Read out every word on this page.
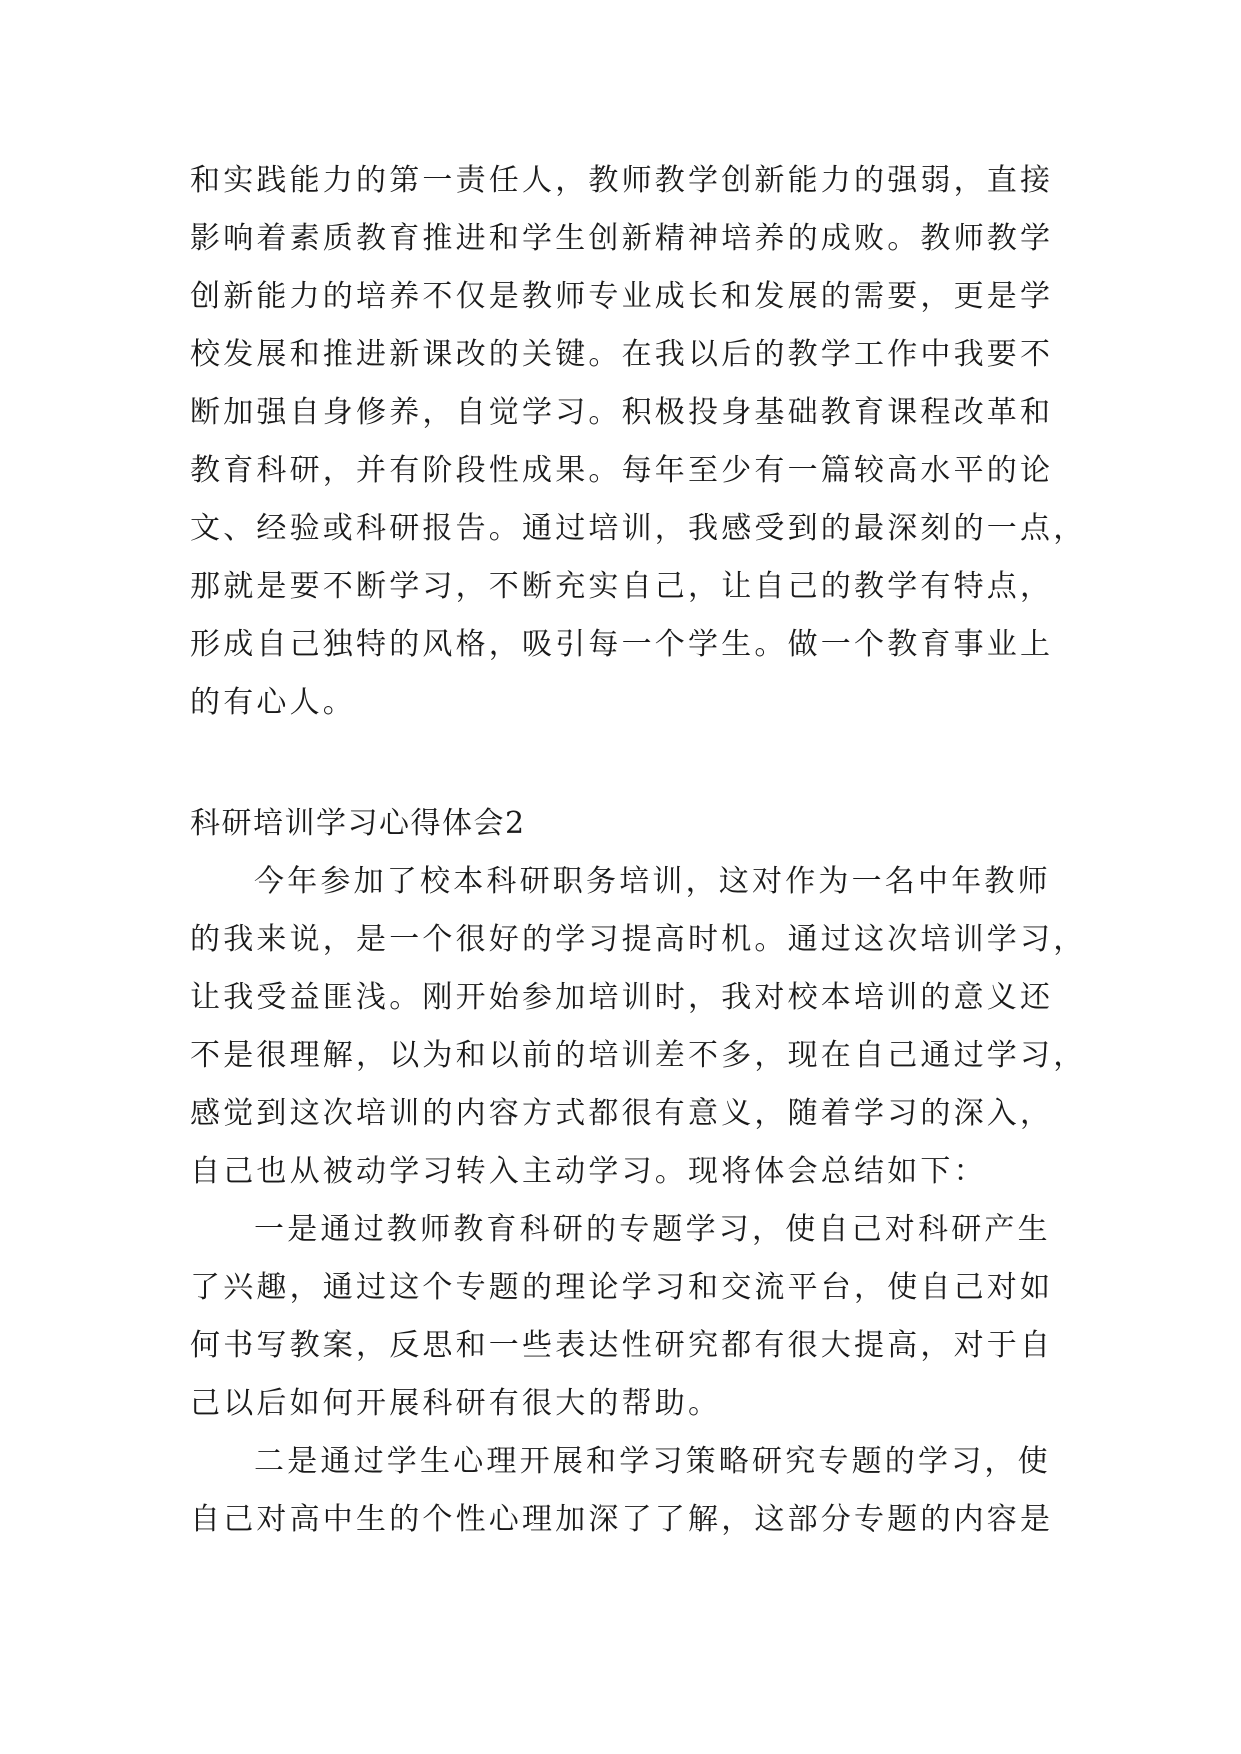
和实践能力的第一责任人，教师教学创新能力的强弱，直接
影响着素质教育推进和学生创新精神培养的成败。教师教学
创新能力的培养不仅是教师专业成长和发展的需要，更是学
校发展和推进新课改的关键。在我以后的教学工作中我要不
断加强自身修养，自觉学习。积极投身基础教育课程改革和
教育科研，并有阶段性成果。每年至少有一篇较高水平的论
文、经验或科研报告。通过培训，我感受到的最深刻的一点，
那就是要不断学习，不断充实自己，让自己的教学有特点，
形成自己独特的风格，吸引每一个学生。做一个教育事业上
的有心人。
科研培训学习心得体会2
今年参加了校本科研职务培训，这对作为一名中年教师
的我来说，是一个很好的学习提高时机。通过这次培训学习，
让我受益匪浅。刚开始参加培训时，我对校本培训的意义还
不是很理解，以为和以前的培训差不多，现在自己通过学习，
感觉到这次培训的内容方式都很有意义，随着学习的深入，
自己也从被动学习转入主动学习。现将体会总结如下：
一是通过教师教育科研的专题学习，使自己对科研产生
了兴趣，通过这个专题的理论学习和交流平台，使自己对如
何书写教案，反思和一些表达性研究都有很大提高，对于自
己以后如何开展科研有很大的帮助。
二是通过学生心理开展和学习策略研究专题的学习，使
自己对高中生的个性心理加深了了解，这部分专题的内容是
